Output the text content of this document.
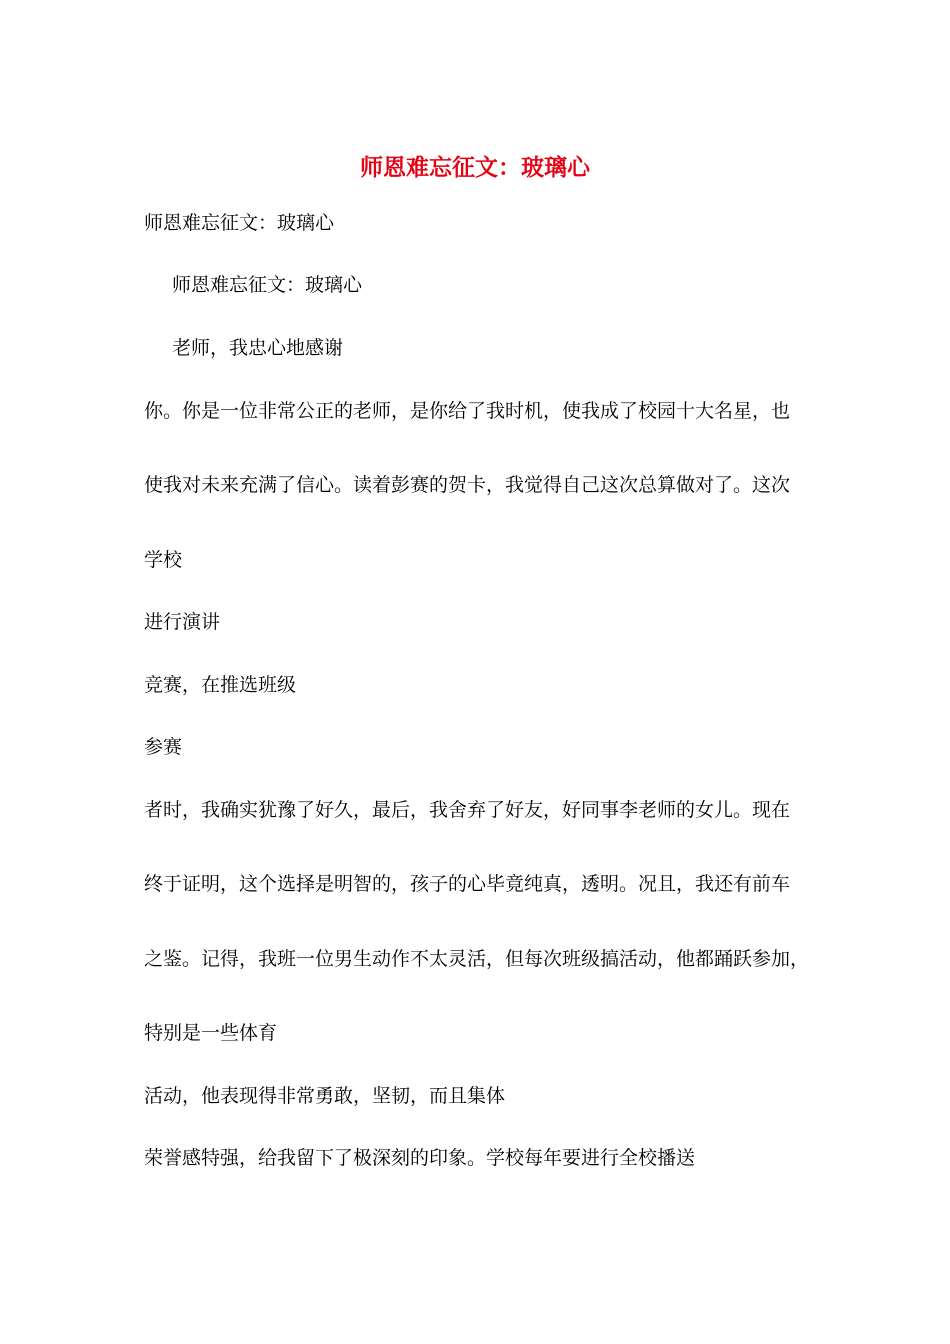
师恩难忘征文：玻璃心
师恩难忘征文：玻璃心
师恩难忘征文：玻璃心
老师，我忠心地感谢
你。你是一位非常公正的老师，是你给了我时机，使我成了校园十大名星，也
使我对未来充满了信心。读着彭赛的贺卡，我觉得自己这次总算做对了。这次
学校
进行演讲
竞赛，在推选班级
参赛
者时，我确实犹豫了好久，最后，我舍弃了好友，好同事李老师的女儿。现在
终于证明，这个选择是明智的，孩子的心毕竟纯真，透明。况且，我还有前车
之鉴。记得，我班一位男生动作不太灵活，但每次班级搞活动，他都踊跃参加，
特别是一些体育
活动，他表现得非常勇敢，坚韧，而且集体
荣誉感特强，给我留下了极深刻的印象。学校每年要进行全校播送
